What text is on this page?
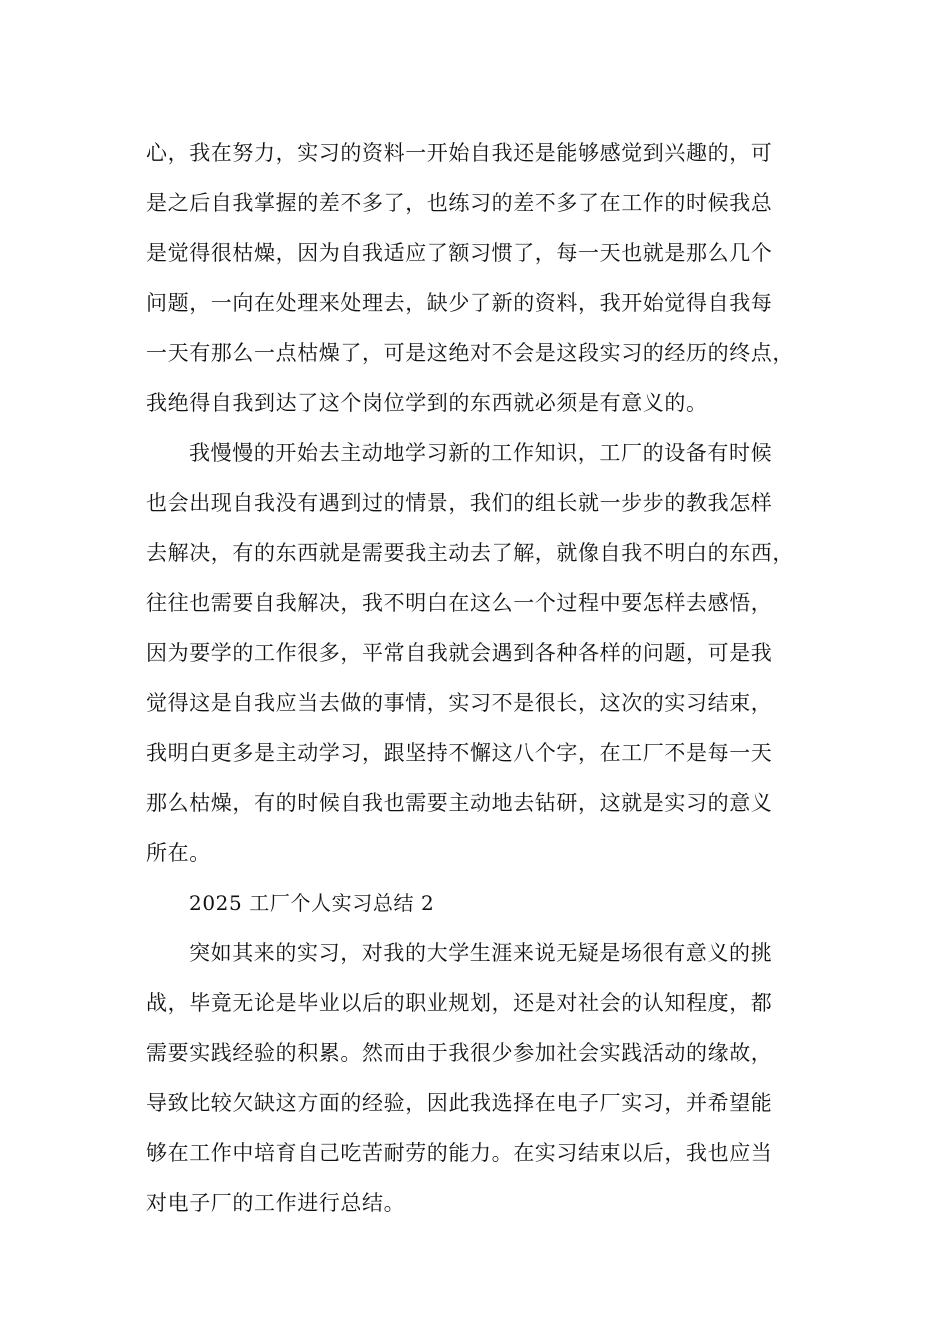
心，我在努力，实习的资料一开始自我还是能够感觉到兴趣的，可
是之后自我掌握的差不多了，也练习的差不多了在工作的时候我总
是觉得很枯燥，因为自我适应了额习惯了，每一天也就是那么几个
问题，一向在处理来处理去，缺少了新的资料，我开始觉得自我每
一天有那么一点枯燥了，可是这绝对不会是这段实习的经历的终点，
我绝得自我到达了这个岗位学到的东西就必须是有意义的。
我慢慢的开始去主动地学习新的工作知识，工厂的设备有时候
也会出现自我没有遇到过的情景，我们的组长就一步步的教我怎样
去解决，有的东西就是需要我主动去了解，就像自我不明白的东西，
往往也需要自我解决，我不明白在这么一个过程中要怎样去感悟，
因为要学的工作很多，平常自我就会遇到各种各样的问题，可是我
觉得这是自我应当去做的事情，实习不是很长，这次的实习结束，
我明白更多是主动学习，跟坚持不懈这八个字，在工厂不是每一天
那么枯燥，有的时候自我也需要主动地去钻研，这就是实习的意义
所在。
2025 工厂个人实习总结 2
突如其来的实习，对我的大学生涯来说无疑是场很有意义的挑
战，毕竟无论是毕业以后的职业规划，还是对社会的认知程度，都
需要实践经验的积累。然而由于我很少参加社会实践活动的缘故，
导致比较欠缺这方面的经验，因此我选择在电子厂实习，并希望能
够在工作中培育自己吃苦耐劳的能力。在实习结束以后，我也应当
对电子厂的工作进行总结。
